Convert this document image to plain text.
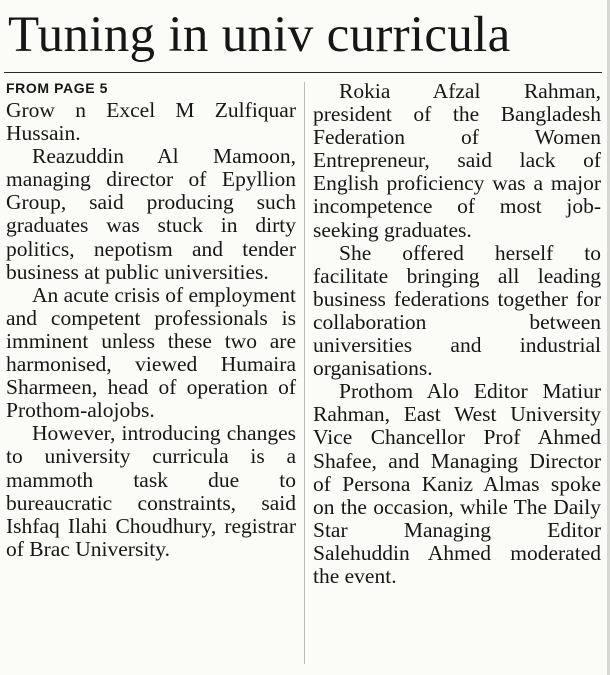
Tuning in univ curricula
FROM PAGE 5

Grow n Excel M Zulfiquar Hussain.

Reazuddin Al Mamoon, managing director of Epyllion Group, said producing such graduates was stuck in dirty politics, nepotism and tender business at public universities.

An acute crisis of employment and competent professionals is imminent unless these two are harmonised, viewed Humaira Sharmeen, head of operation of Prothom-alojobs.

However, introducing changes to university curricula is a mammoth task due to bureaucratic constraints, said Ishfaq Ilahi Choudhury, registrar of Brac University.

Rokia Afzal Rahman, president of the Bangladesh Federation of Women Entrepreneur, said lack of English proficiency was a major incompetence of most job-seeking graduates.

She offered herself to facilitate bringing all leading business federations together for collaboration between universities and industrial organisations.

Prothom Alo Editor Matiur Rahman, East West University Vice Chancellor Prof Ahmed Shafee, and Managing Director of Persona Kaniz Almas spoke on the occasion, while The Daily Star Managing Editor Salehuddin Ahmed moderated the event.
